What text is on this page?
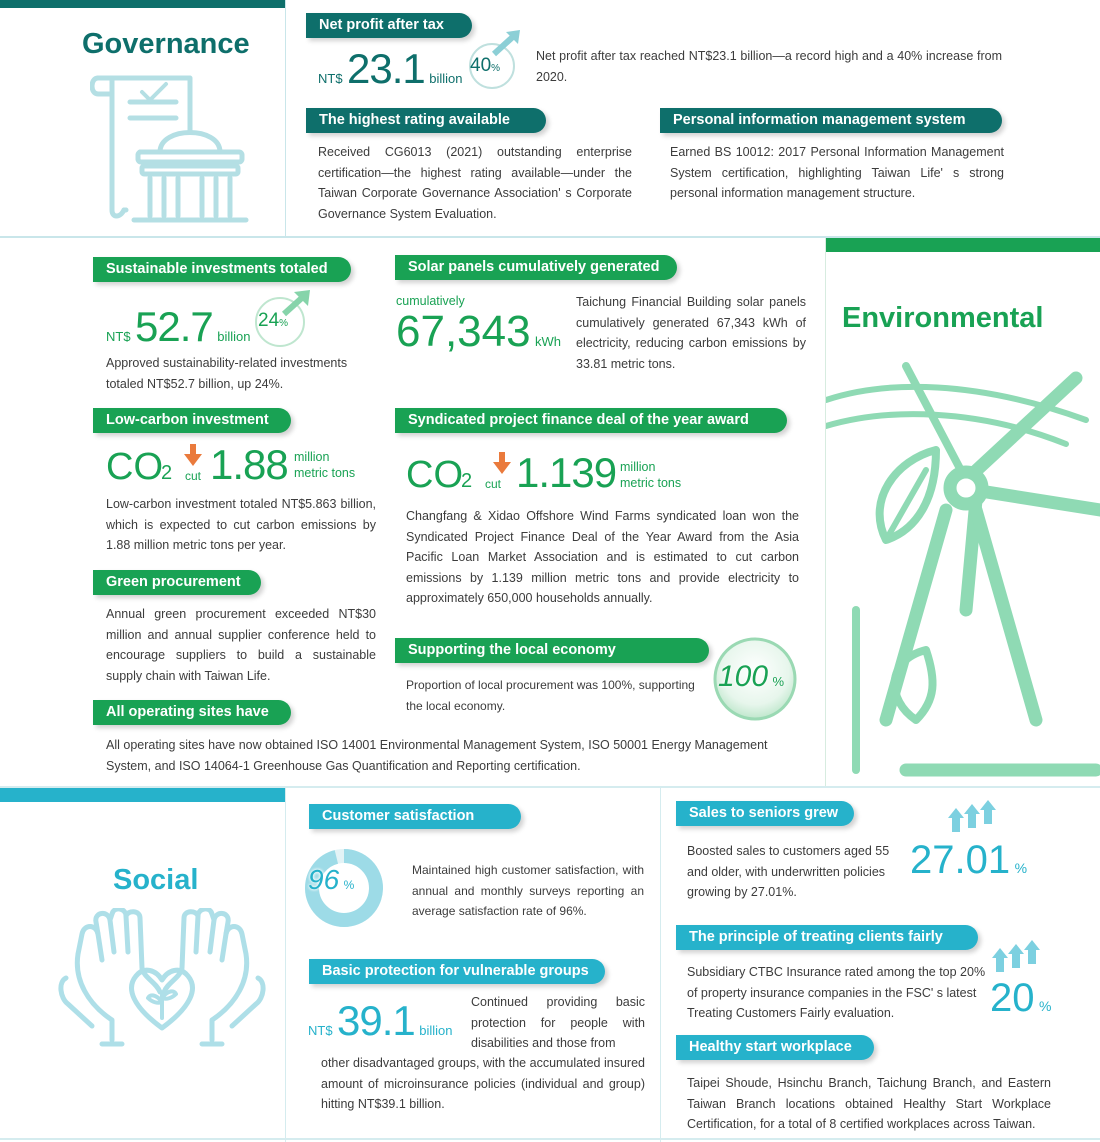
Governance
Net profit after tax
NT$ 23.1 billion
40%

Net profit after tax reached NT$23.1 billion—a record high and a 40% increase from 2020.

The highest rating available

Received CG6013 (2021) outstanding enterprise certification—the highest rating available—under the Taiwan Corporate Governance Association' s Corporate Governance System Evaluation.

Personal information management system

Earned BS 10012: 2017 Personal Information Management System certification, highlighting Taiwan Life' s strong personal information management structure.

Environmental
Sustainable investments totaled
NT$ 52.7 billion
24%

Approved sustainability-related investments totaled NT$52.7 billion, up 24%.

Solar panels cumulatively generated
cumulatively
67,343 kWh

Taichung Financial Building solar panels cumulatively generated 67,343 kWh of electricity, reducing carbon emissions by 33.81 metric tons.

Low-carbon investment
CO
2 cut 1.88 million
metric tons

Low-carbon investment totaled NT$5.863 billion, which is expected to cut carbon emissions by 1.88 million metric tons per year.

Syndicated project finance deal of the year award
CO
2 cut 1.139 million
metric tons

Changfang & Xidao Offshore Wind Farms syndicated loan won the Syndicated Project Finance Deal of the Year Award from the Asia Pacific Loan Market Association and is estimated to cut carbon emissions by 1.139 million metric tons and provide electricity to approximately 650,000 households annually.

Green procurement

Annual green procurement exceeded NT$30 million and annual supplier conference held to encourage suppliers to build a sustainable supply chain with Taiwan Life.

Supporting the local economy
100 %

Proportion of local procurement was 100%, supporting the local economy.

All operating sites have

All operating sites have now obtained ISO 14001 Environmental Management System, ISO 50001 Energy Management System, and ISO 14064-1 Greenhouse Gas Quantification and Reporting certification.

Social
Customer satisfaction
96 %

Maintained high customer satisfaction, with annual and monthly surveys reporting an average satisfaction rate of 96%.

Basic protection for vulnerable groups
NT$ 39.1 billion

Continued providing basic protection for people with disabilities and those from

other disadvantaged groups, with the accumulated insured amount of microinsurance policies (individual and group) hitting NT$39.1 billion.

Sales to seniors grew

Boosted sales to customers aged 55 and older, with underwritten policies growing by 27.01%.

27.01 %
The principle of treating clients fairly

Subsidiary CTBC Insurance rated among the top 20% of property insurance companies in the FSC' s latest Treating Customers Fairly evaluation.	20 %
Healthy start workplace

Taipei Shoude, Hsinchu Branch, Taichung Branch, and Eastern Taiwan Branch locations obtained Healthy Start Workplace Certification, for a total of 8 certified workplaces across Taiwan.
